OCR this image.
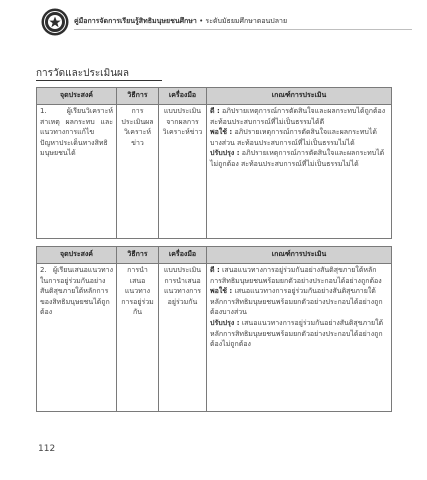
คู่มือการจัดการเรียนรู้สิทธิมนุษยชนศึกษา • ระดับมัธยมศึกษาตอนปลาย
การวัดและประเมินผล
จุดประสงค์	วิธีการ	เครื่องมือ	เกณฑ์การประเมิน
1. ผู้เรียนวิเคราะห์สาเหตุ ผลกระทบ และแนวทางการแก้ไขปัญหาประเด็นทางสิทธิมนุษยชนได้	การประเมินผลวิเคราะห์ข่าว	แบบประเมินจากผลการวิเคราะห์ข่าว	ดี : อภิปรายเหตุการณ์การตัดสินใจและผลกระทบได้ถูกต้อง สะท้อนประสบการณ์ที่ไม่เป็นธรรมได้ดี
พอใช้ : อภิปรายเหตุการณ์การตัดสินใจและผลกระทบได้บางส่วน สะท้อนประสบการณ์ที่ไม่เป็นธรรมไม่ได้
ปรับปรุง : อภิปรายเหตุการณ์การตัดสินใจและผลกระทบได้ไม่ถูกต้อง สะท้อนประสบการณ์ที่ไม่เป็นธรรมไม่ได้
จุดประสงค์	วิธีการ	เครื่องมือ	เกณฑ์การประเมิน
2. ผู้เรียนเสนอแนวทางในการอยู่ร่วมกันอย่างสันติสุขภายใต้หลักการของสิทธิมนุษยชนได้ถูกต้อง	การนำเสนอแนวทางการอยู่ร่วมกัน	แบบประเมินการนำเสนอแนวทางการอยู่ร่วมกัน	ดี : เสนอแนวทางการอยู่ร่วมกันอย่างสันติสุขภายใต้หลักการสิทธิมนุษยชนพร้อมยกตัวอย่างประกอบได้อย่างถูกต้อง
พอใช้ : เสนอแนวทางการอยู่ร่วมกันอย่างสันติสุขภายใต้หลักการสิทธิมนุษยชนพร้อมยกตัวอย่างประกอบได้อย่างถูกต้องบางส่วน
ปรับปรุง : เสนอแนวทางการอยู่ร่วมกันอย่างสันติสุขภายใต้หลักการสิทธิมนุษยชนพร้อมยกตัวอย่างประกอบได้อย่างถูกต้องไม่ถูกต้อง
112
